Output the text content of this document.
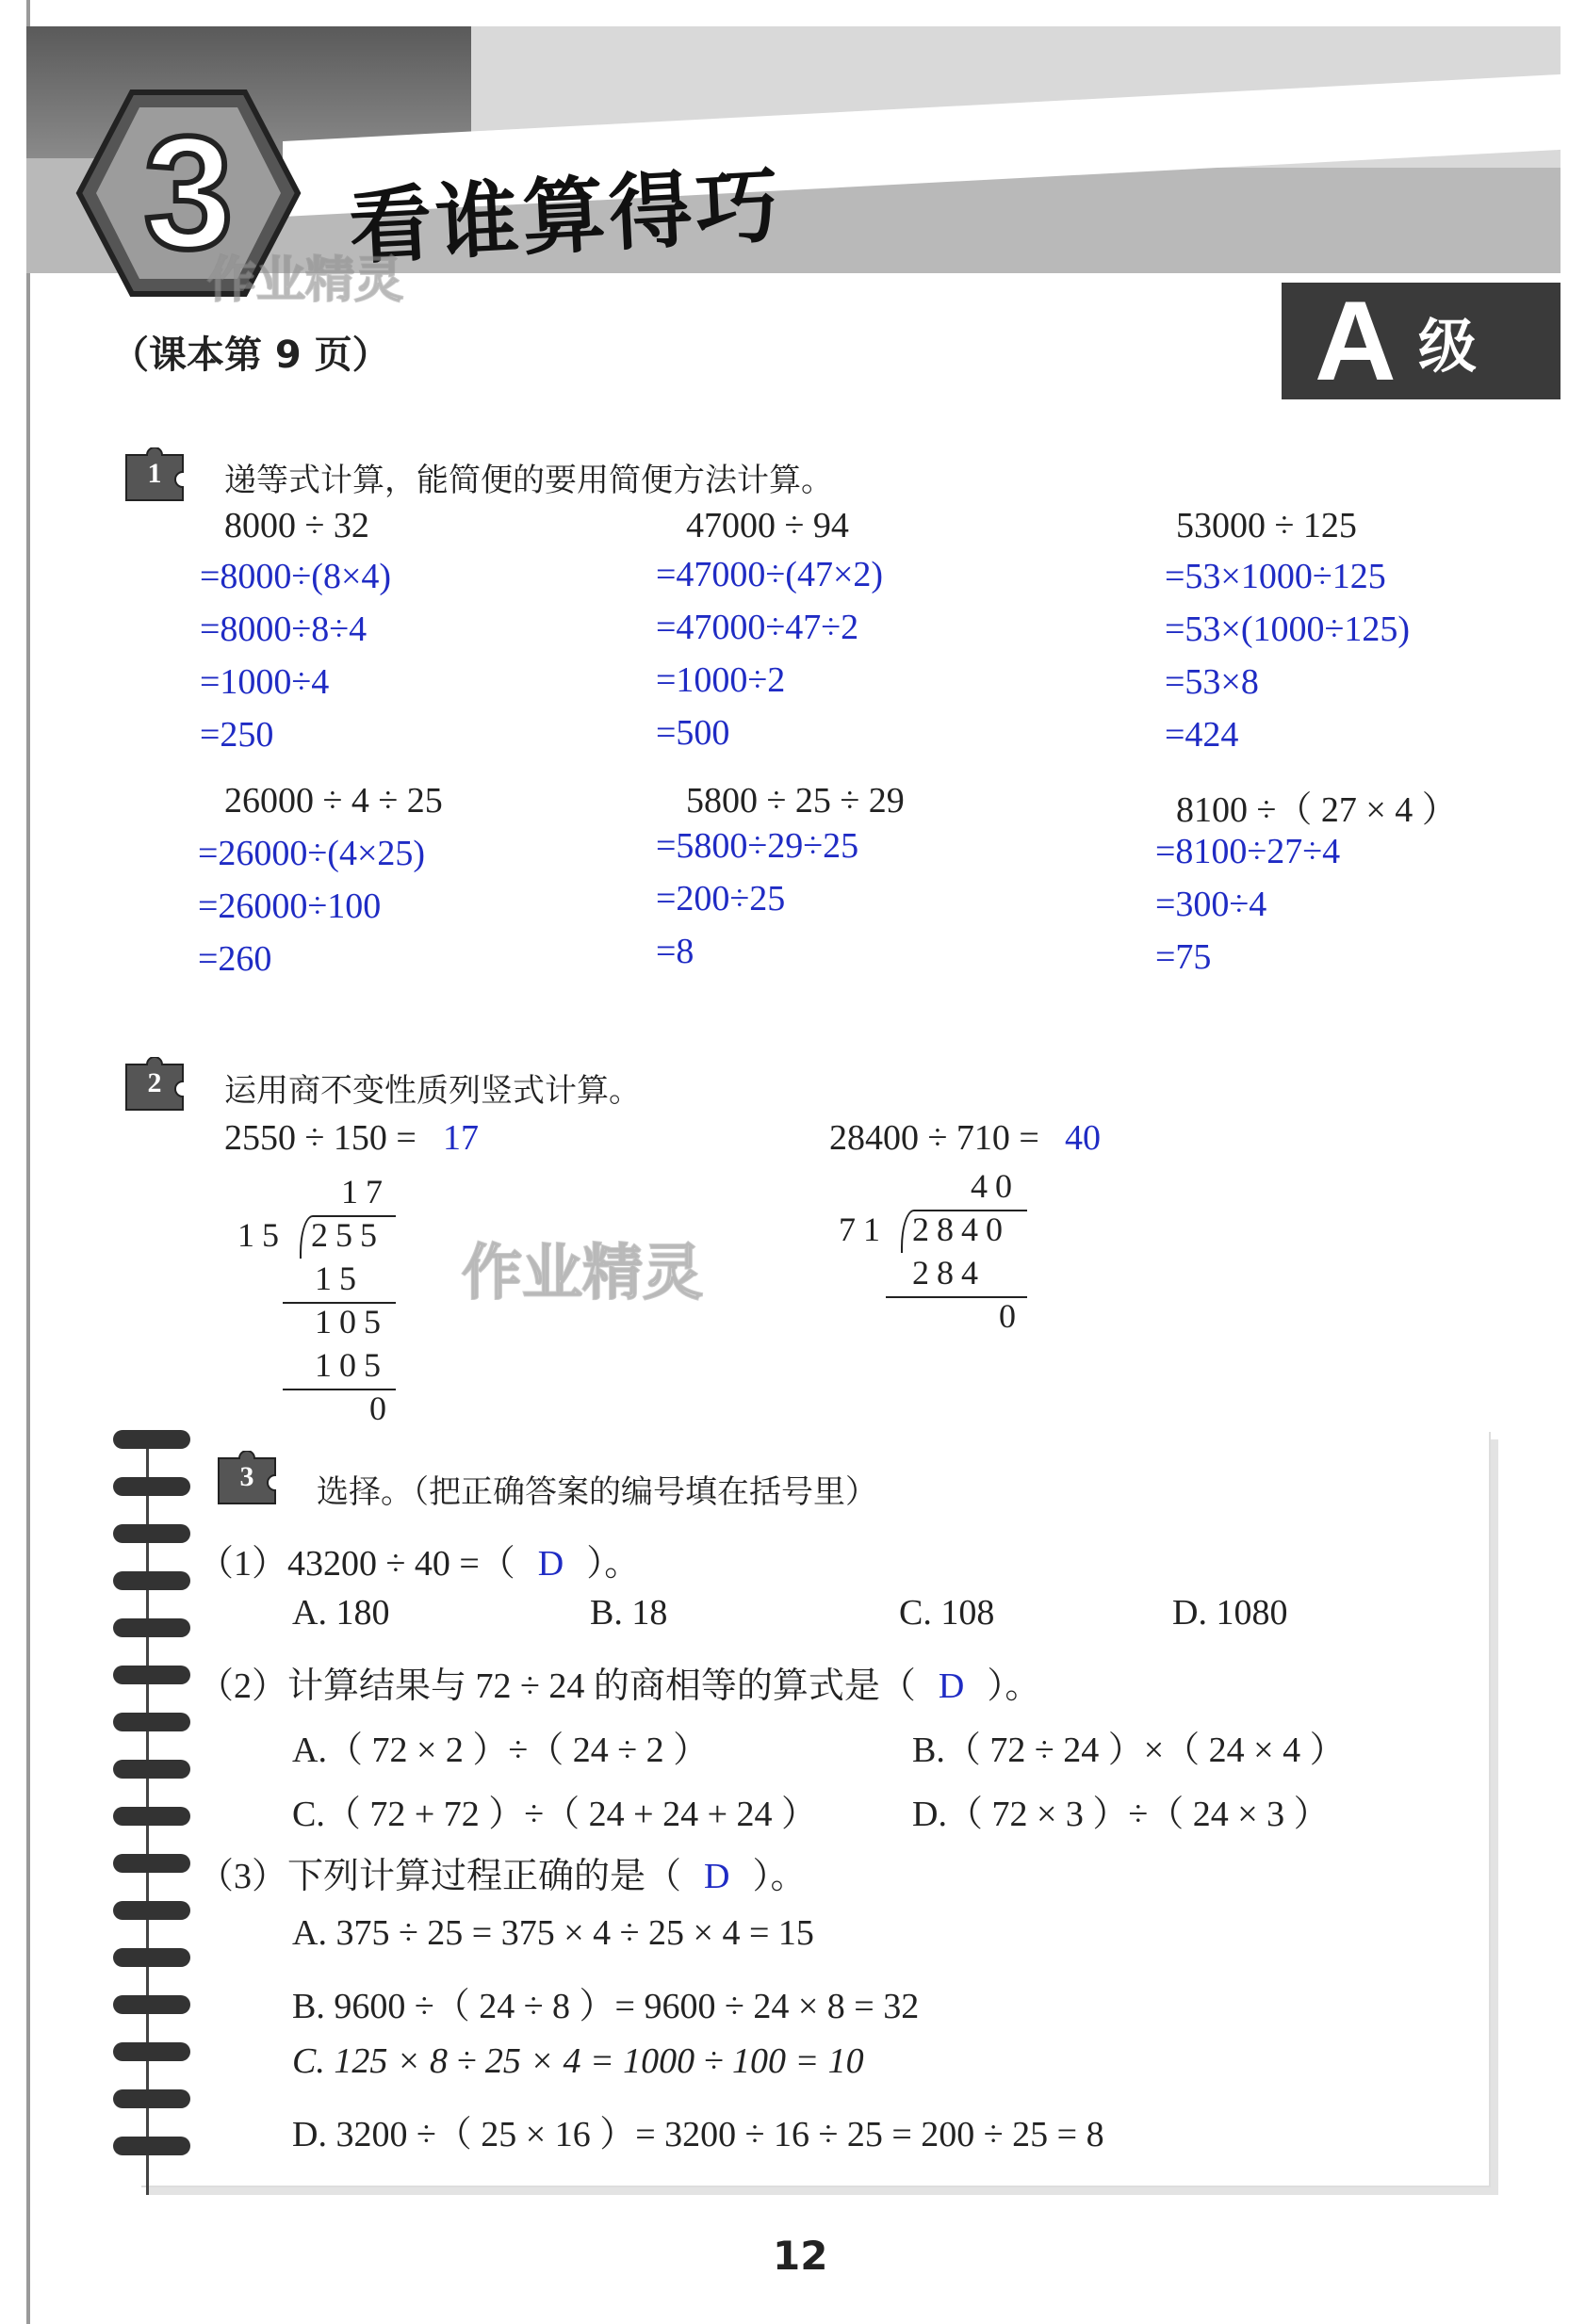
3	看谁算得巧
作业精灵
（课本第 9 页）	A 级
1	递等式计算，能简便的要用简便方法计算。
8000 ÷ 32
=8000÷(8×4)
=8000÷8÷4
=1000÷4
=250
47000 ÷ 94
=47000÷(47×2)
=47000÷47÷2
=1000÷2
=500
53000 ÷ 125
=53×1000÷125
=53×(1000÷125)
=53×8
=424
26000 ÷ 4 ÷ 25
=26000÷(4×25)
=26000÷100
=260
5800 ÷ 25 ÷ 29
=5800÷29÷25
=200÷25
=8
8100 ÷（ 27 × 4 ）
=8100÷27÷4
=300÷4
=75
2	运用商不变性质列竖式计算。
2550 ÷ 150 = 17	28400 ÷ 710 = 40
17
15 255
15
105
105
0
40
71 2840
284
0
作业精灵
3	选择。（把正确答案的编号填在括号里）
（1）43200 ÷ 40 =（ D ）。
A. 180	B. 18	C. 108	D. 1080
（2）计算结果与 72 ÷ 24 的商相等的算式是（ D ）。
A.（ 72 × 2 ）÷（ 24 ÷ 2 ）	B.（ 72 ÷ 24 ）×（ 24 × 4 ）
C.（ 72 + 72 ）÷（ 24 + 24 + 24 ）	D.（ 72 × 3 ）÷（ 24 × 3 ）
（3）下列计算过程正确的是（ D ）。
A. 375 ÷ 25 = 375 × 4 ÷ 25 × 4 = 15
B. 9600 ÷（ 24 ÷ 8 ）= 9600 ÷ 24 × 8 = 32
C. 125 × 8 ÷ 25 × 4 = 1000 ÷ 100 = 10
D. 3200 ÷（ 25 × 16 ）= 3200 ÷ 16 ÷ 25 = 200 ÷ 25 = 8
12
